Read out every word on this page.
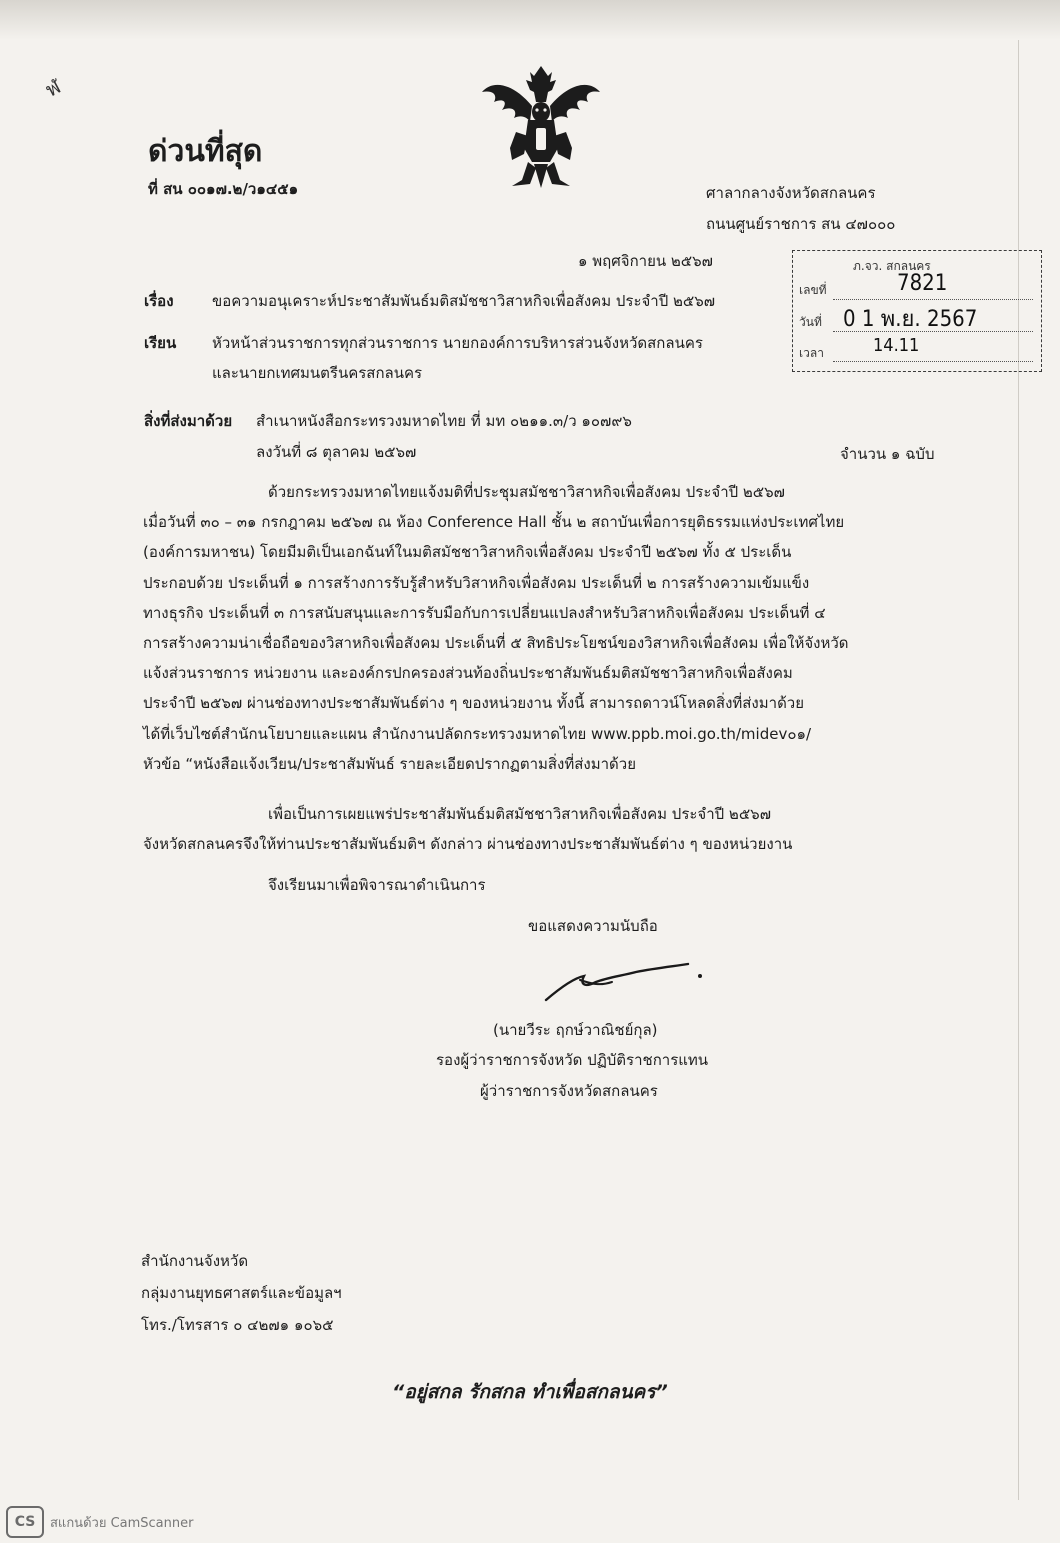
ฬ
ด่วนที่สุด
ที่ สน ๐๐๑๗.๒/ว๑๔๕๑	ศาลากลางจังหวัดสกลนคร
ถนนศูนย์ราชการ สน ๔๗๐๐๐
๑ พฤศจิกายน ๒๕๖๗	ภ.จว. สกลนคร
เลขที่	7821
วันที่ 0 1 พ.ย. 2567
เวลา	14.11
เรื่อง	ขอความอนุเคราะห์ประชาสัมพันธ์มติสมัชชาวิสาหกิจเพื่อสังคม ประจำปี ๒๕๖๗
เรียน หัวหน้าส่วนราชการทุกส่วนราชการ นายกองค์การบริหารส่วนจังหวัดสกลนคร
และนายกเทศมนตรีนครสกลนคร
สิ่งที่ส่งมาด้วย สำเนาหนังสือกระทรวงมหาดไทย ที่ มท ๐๒๑๑.๓/ว ๑๐๗๙๖
ลงวันที่ ๘ ตุลาคม ๒๕๖๗	จำนวน ๑ ฉบับ
ด้วยกระทรวงมหาดไทยแจ้งมติที่ประชุมสมัชชาวิสาหกิจเพื่อสังคม ประจำปี ๒๕๖๗
เมื่อวันที่ ๓๐ – ๓๑ กรกฎาคม ๒๕๖๗ ณ ห้อง Conference Hall ชั้น ๒ สถาบันเพื่อการยุติธรรมแห่งประเทศไทย
(องค์การมหาชน) โดยมีมติเป็นเอกฉันท์ในมติสมัชชาวิสาหกิจเพื่อสังคม ประจำปี ๒๕๖๗ ทั้ง ๕ ประเด็น
ประกอบด้วย ประเด็นที่ ๑ การสร้างการรับรู้สำหรับวิสาหกิจเพื่อสังคม ประเด็นที่ ๒ การสร้างความเข้มแข็ง
ทางธุรกิจ ประเด็นที่ ๓ การสนับสนุนและการรับมือกับการเปลี่ยนแปลงสำหรับวิสาหกิจเพื่อสังคม ประเด็นที่ ๔
การสร้างความน่าเชื่อถือของวิสาหกิจเพื่อสังคม ประเด็นที่ ๕ สิทธิประโยชน์ของวิสาหกิจเพื่อสังคม เพื่อให้จังหวัด
แจ้งส่วนราชการ หน่วยงาน และองค์กรปกครองส่วนท้องถิ่นประชาสัมพันธ์มติสมัชชาวิสาหกิจเพื่อสังคม
ประจำปี ๒๕๖๗ ผ่านช่องทางประชาสัมพันธ์ต่าง ๆ ของหน่วยงาน ทั้งนี้ สามารถดาวน์โหลดสิ่งที่ส่งมาด้วย
ได้ที่เว็บไซต์สำนักนโยบายและแผน สำนักงานปลัดกระทรวงมหาดไทย www.ppb.moi.go.th/midev๐๑/
หัวข้อ “หนังสือแจ้งเวียน/ประชาสัมพันธ์ รายละเอียดปรากฏตามสิ่งที่ส่งมาด้วย
เพื่อเป็นการเผยแพร่ประชาสัมพันธ์มติสมัชชาวิสาหกิจเพื่อสังคม ประจำปี ๒๕๖๗
จังหวัดสกลนครจึงให้ท่านประชาสัมพันธ์มติฯ ดังกล่าว ผ่านช่องทางประชาสัมพันธ์ต่าง ๆ ของหน่วยงาน
จึงเรียนมาเพื่อพิจารณาดำเนินการ
ขอแสดงความนับถือ
(นายวีระ ฤกษ์วาณิชย์กุล)
รองผู้ว่าราชการจังหวัด ปฏิบัติราชการแทน
ผู้ว่าราชการจังหวัดสกลนคร
สำนักงานจังหวัด
กลุ่มงานยุทธศาสตร์และข้อมูลฯ
โทร./โทรสาร ๐ ๔๒๗๑ ๑๐๖๕
“อยู่สกล รักสกล ทำเพื่อสกลนคร”
CS	สแกนด้วย CamScanner
